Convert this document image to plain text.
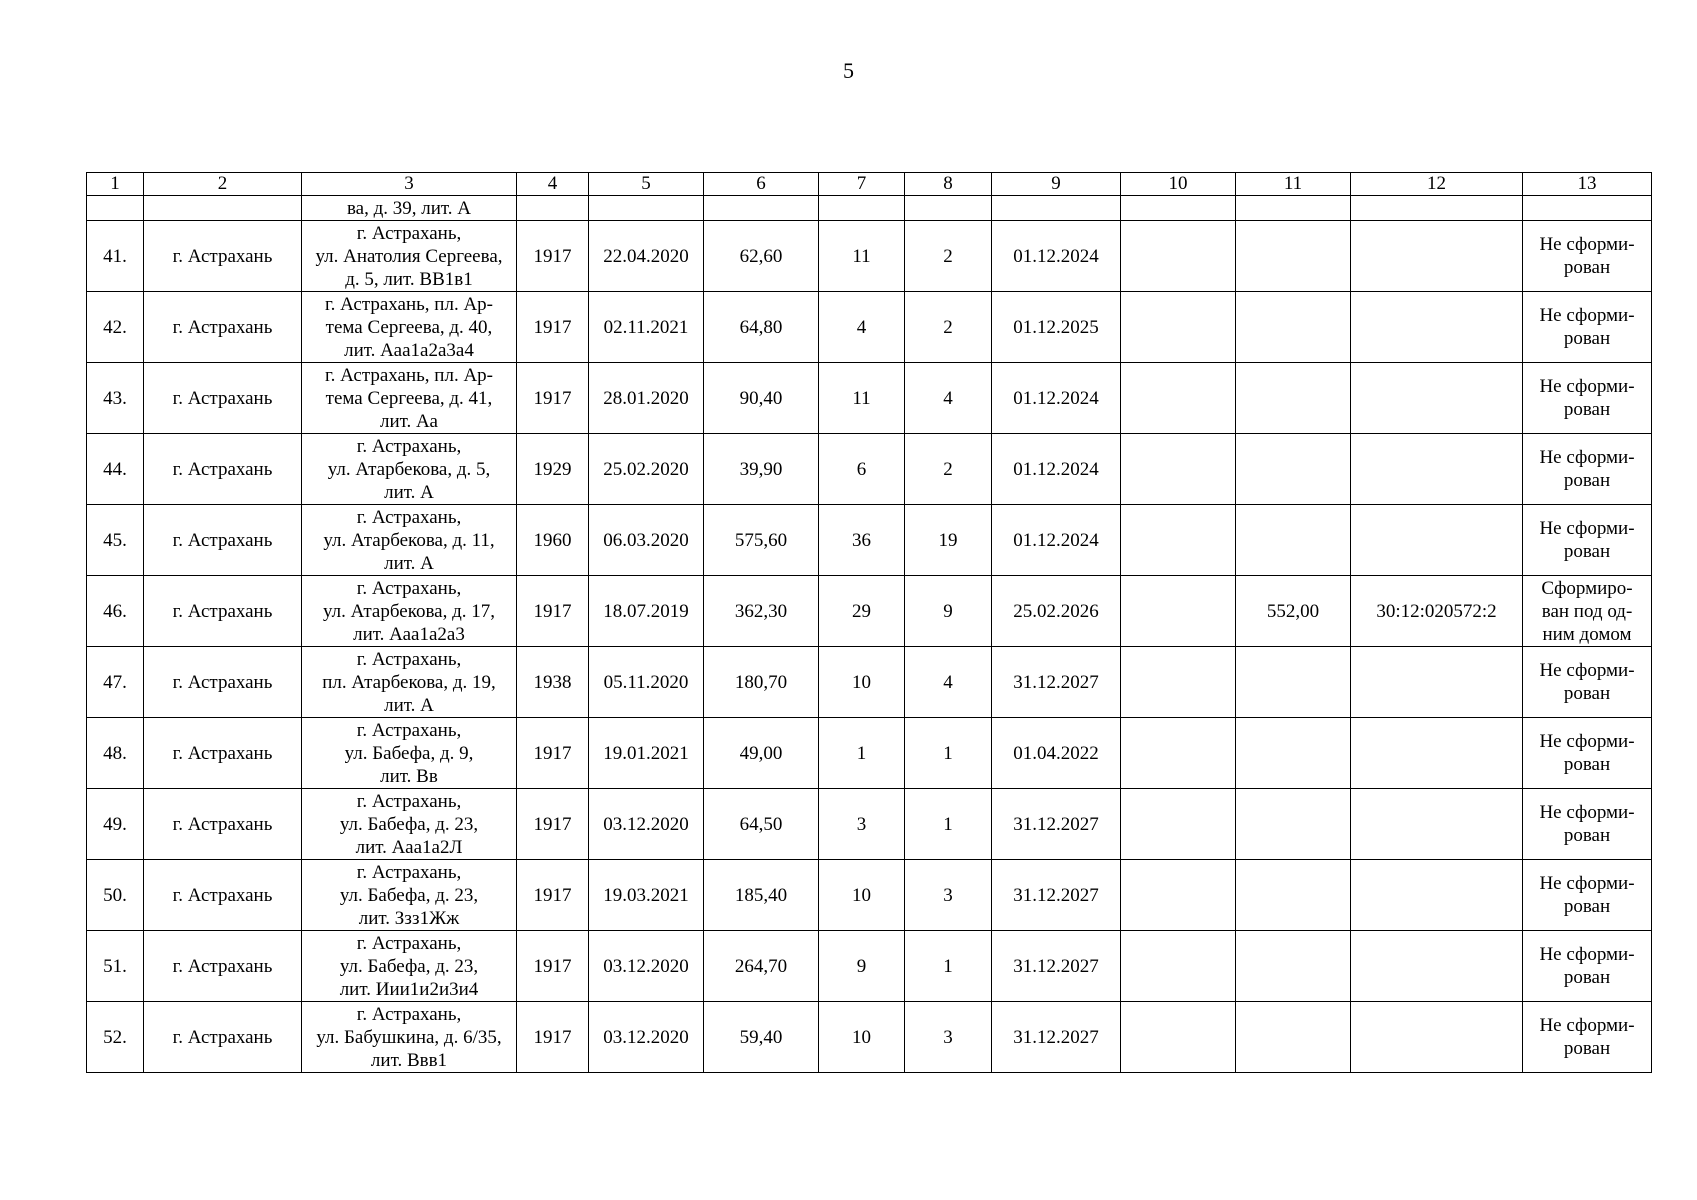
5
1	2	3	4	5	6	7	8	9	10	11	12	13
		ва, д. 39, лит. А										
41.	г. Астрахань	г. Астрахань,
ул. Анатолия Сергеева,
д. 5, лит. ВВ1в1	1917	22.04.2020	62,60	11	2	01.12.2024				Не сформи-
рован

42.	г. Астрахань	г. Астрахань, пл. Ар-
тема Сергеева, д. 40,
лит. Ааа1а2а3а4	1917	02.11.2021	64,80	4	2	01.12.2025				Не сформи-
рован

43.	г. Астрахань	г. Астрахань, пл. Ар-
тема Сергеева, д. 41,
лит. Аа	1917	28.01.2020	90,40	11	4	01.12.2024				Не сформи-
рован

44.	г. Астрахань	г. Астрахань,
ул. Атарбекова, д. 5,
лит. А	1929	25.02.2020	39,90	6	2	01.12.2024				Не сформи-
рован

45.	г. Астрахань	г. Астрахань,
ул. Атарбекова, д. 11,
лит. А	1960	06.03.2020	575,60	36	19	01.12.2024				Не сформи-
рован

46.	г. Астрахань	г. Астрахань,
ул. Атарбекова, д. 17,
лит. Ааа1а2а3	1917	18.07.2019	362,30	29	9	25.02.2026		552,00	30:12:020572:2	Сформиро-
ван под од-
ним домом

47.	г. Астрахань	г. Астрахань,
пл. Атарбекова, д. 19,
лит. А	1938	05.11.2020	180,70	10	4	31.12.2027				Не сформи-
рован

48.	г. Астрахань	г. Астрахань,
ул. Бабефа, д. 9,
лит. Вв	1917	19.01.2021	49,00	1	1	01.04.2022				Не сформи-
рован

49.	г. Астрахань	г. Астрахань,
ул. Бабефа, д. 23,
лит. Ааа1а2Л	1917	03.12.2020	64,50	3	1	31.12.2027				Не сформи-
рован

50.	г. Астрахань	г. Астрахань,
ул. Бабефа, д. 23,
лит. Ззз1Жж	1917	19.03.2021	185,40	10	3	31.12.2027				Не сформи-
рован

51.	г. Астрахань	г. Астрахань,
ул. Бабефа, д. 23,
лит. Иии1и2и3и4	1917	03.12.2020	264,70	9	1	31.12.2027				Не сформи-
рован

52.	г. Астрахань	г. Астрахань,
ул. Бабушкина, д. 6/35,
лит. Ввв1	1917	03.12.2020	59,40	10	3	31.12.2027				Не сформи-
рован
